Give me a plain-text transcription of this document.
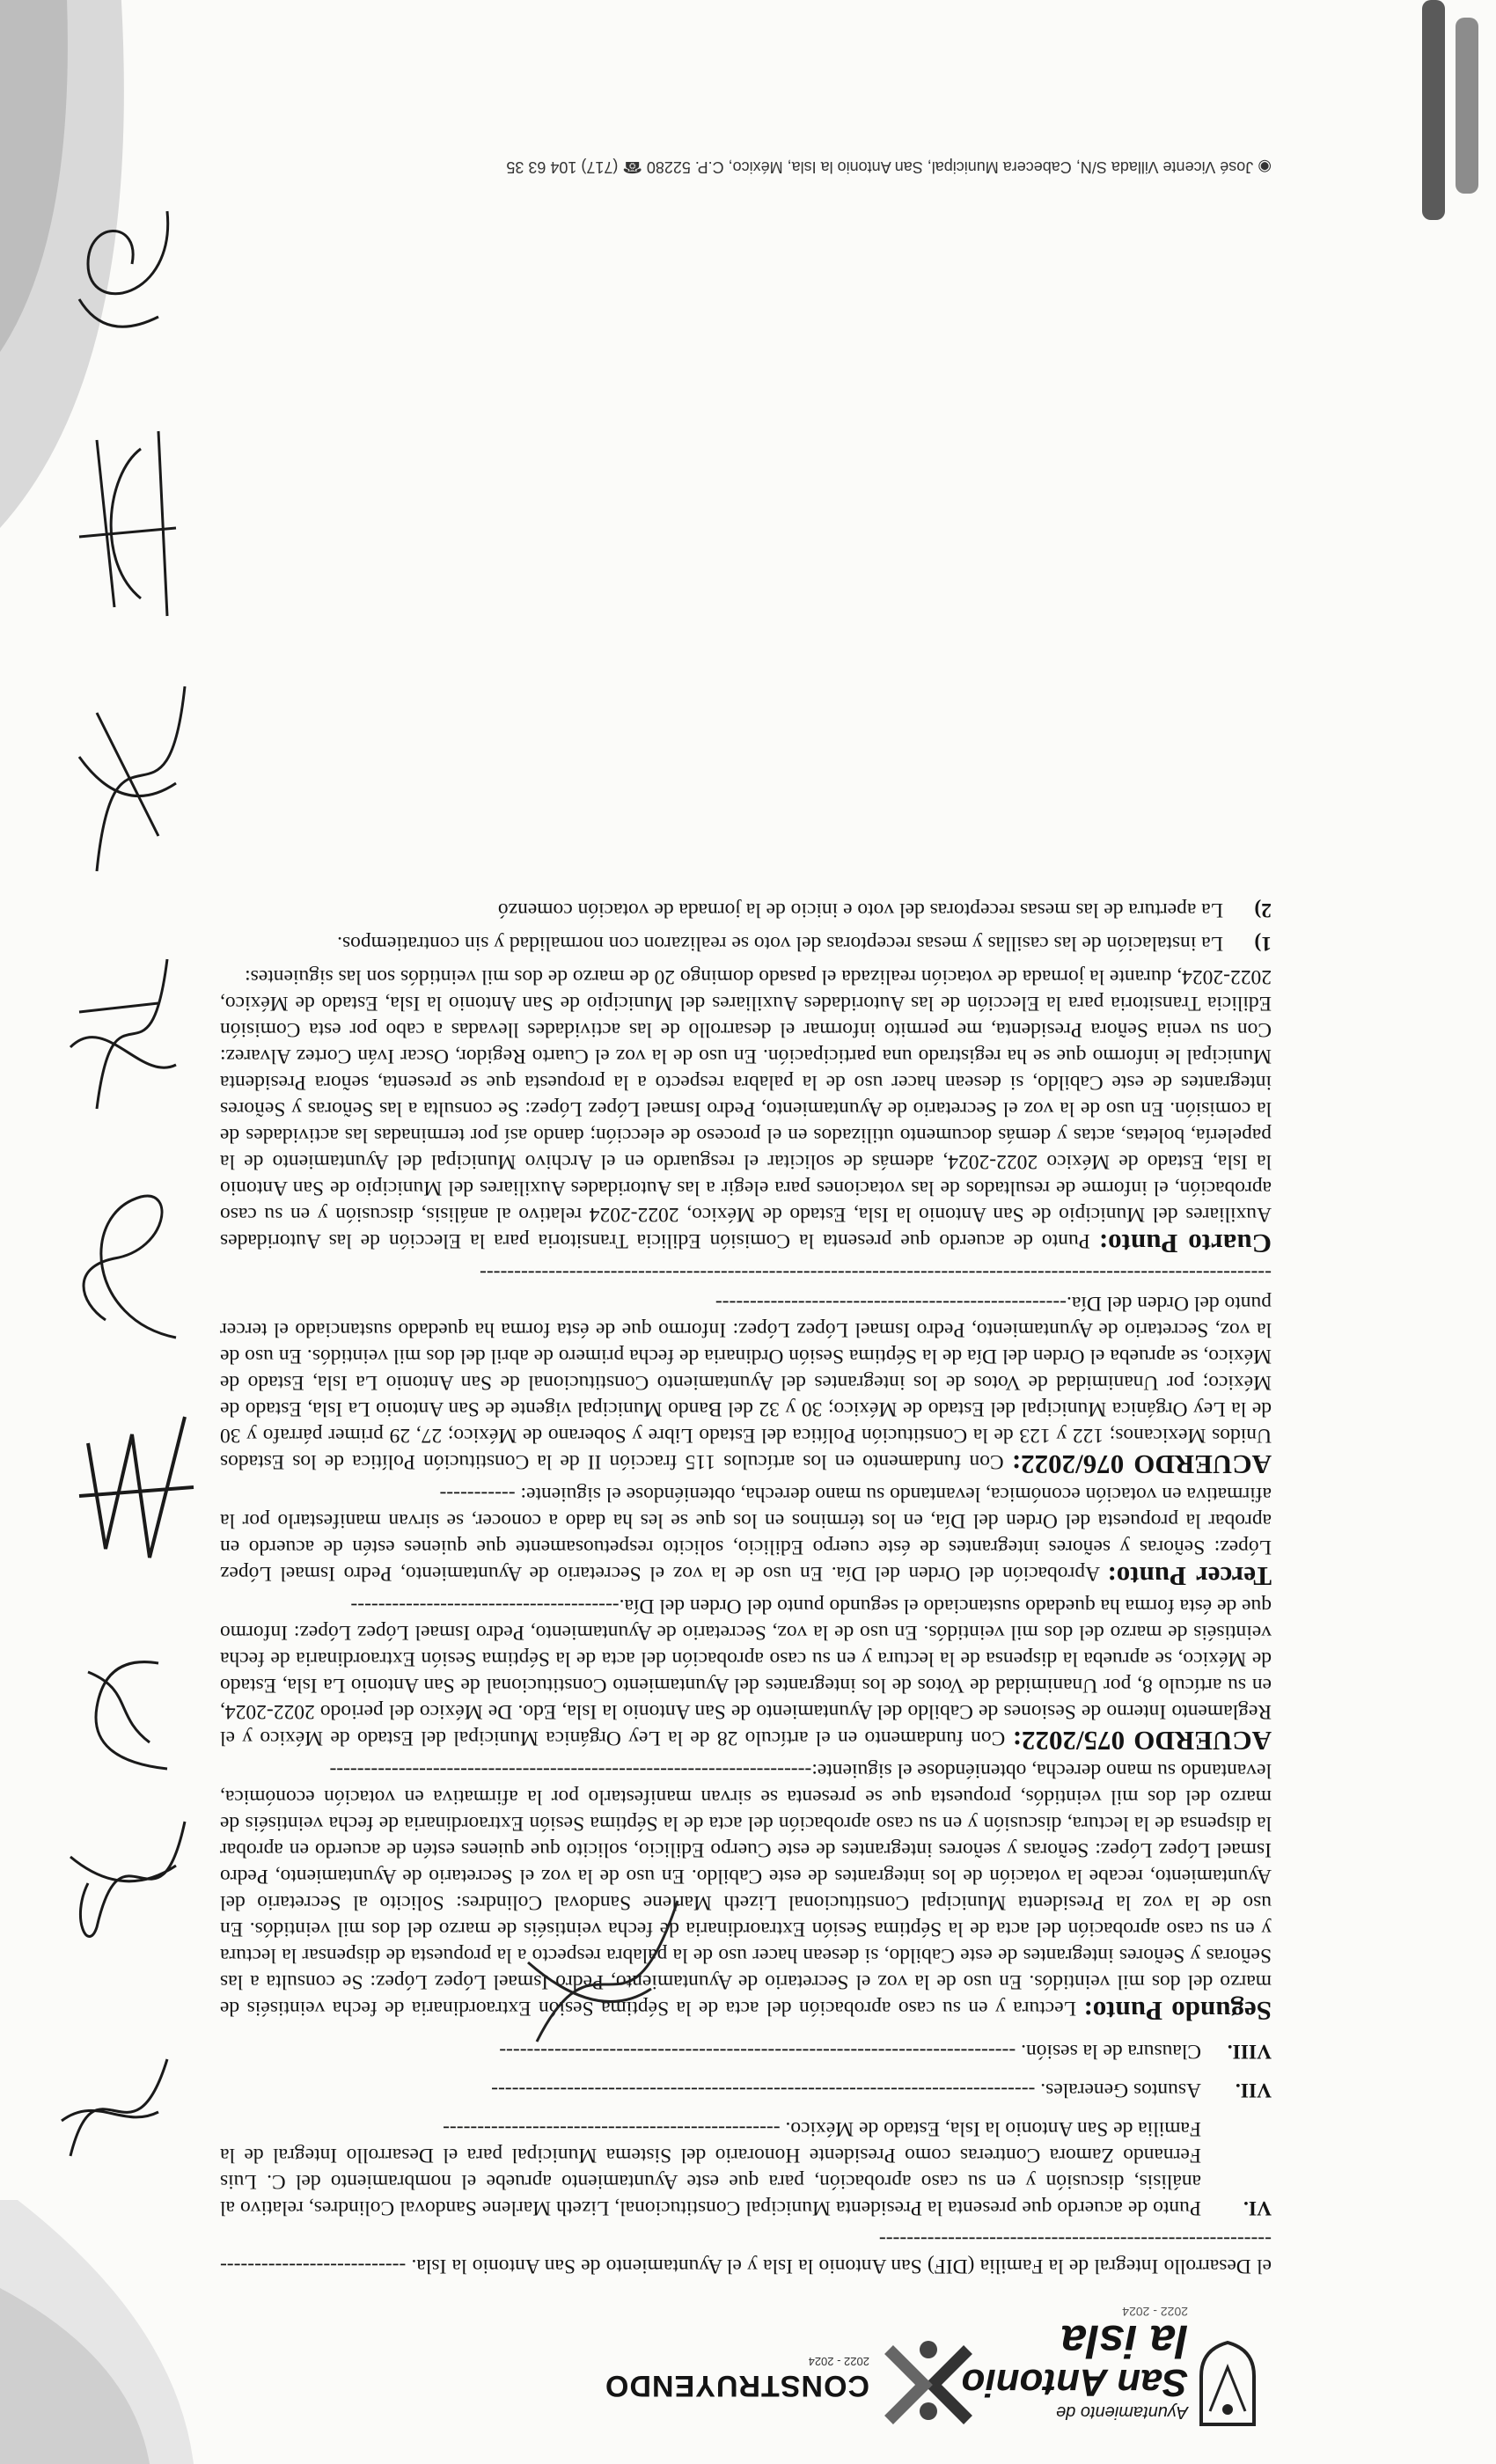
Ayuntamiento de
San Antonio
la isla
2022 - 2024
CONSTRUYENDO
2022 - 2024

el Desarrollo Integral de la Familia (DIF) San Antonio la Isla y el Ayuntamiento de San Antonio la Isla. ------------------------------------------------------------------------------------

VI.
Punto de acuerdo que presenta la Presidenta Municipal Constitucional, Lizeth Marlene Sandoval Colindres, relativo al análisis, discusión y en su caso aprobación, para que este Ayuntamiento apruebe el nombramiento del C. Luis Fernando Zamora Contreras como Presidente Honorario del Sistema Municipal para el Desarrollo Integral de la Familia de San Antonio la Isla, Estado de México. -------------------------------------------------
VII.
Asuntos Generales. -------------------------------------------------------------------------------
VIII.
Clausura de la sesión. ---------------------------------------------------------------------------

Segundo Punto: Lectura y en su caso aprobación del acta de la Séptima Sesión Extraordinaria de fecha veintiséis de marzo del dos mil veintidós. En uso de la voz el Secretario de Ayuntamiento, Pedro Ismael López López: Se consulta a las Señoras y Señores integrantes de este Cabildo, si desean hacer uso de la palabra respecto a la propuesta de dispensar la lectura y en su caso aprobación del acta de la Séptima Sesión Extraordinaria de fecha veintiséis de marzo del dos mil veintidós. En uso de la voz la Presidenta Municipal Constitucional Lizeth Marlene Sandoval Colindres: Solicito al Secretario del Ayuntamiento, recabe la votación de los integrantes de este Cabildo. En uso de la voz el Secretario de Ayuntamiento, Pedro Ismael López López: Señoras y señores integrantes de este Cuerpo Edilicio, solicito que quienes estén de acuerdo en aprobar la dispensa de la lectura, discusión y en su caso aprobación del acta de la Séptima Sesión Extraordinaria de fecha veintiséis de marzo del dos mil veintidós, propuesta que se presenta se sirvan manifestarlo por la afirmativa en votación económica, levantando su mano derecha, obteniéndose el siguiente:----------------------------------------------------------------------

ACUERDO 075/2022: Con fundamento en el artículo 28 de la Ley Orgánica Municipal del Estado de México y el Reglamento Interno de Sesiones de Cabildo del Ayuntamiento de San Antonio la Isla, Edo. De México del periodo 2022-2024, en su artículo 8, por Unanimidad de Votos de los integrantes del Ayuntamiento Constitucional de San Antonio La Isla, Estado de México, se aprueba la dispensa de la lectura y en su caso aprobación del acta de la Séptima Sesión Extraordinaria de fecha veintiséis de marzo del dos mil veintidós. En uso de la voz, Secretario de Ayuntamiento, Pedro Ismael López López: Informo que de ésta forma ha quedado sustanciado el segundo punto del Orden del Día.---------------------------------------

Tercer Punto: Aprobación del Orden del Día. En uso de la voz el Secretario de Ayuntamiento, Pedro Ismael López López: Señoras y señores integrantes de éste cuerpo Edilicio, solicito respetuosamente que quienes estén de acuerdo en aprobar la propuesta del Orden del Día, en los términos en los que se les ha dado a conocer, se sirvan manifestarlo por la afirmativa en votación económica, levantando su mano derecha, obteniéndose el siguiente: -----------

ACUERDO 076/2022: Con fundamento en los artículos 115 fracción II de la Constitución Política de los Estados Unidos Mexicanos; 122 y 123 de la Constitución Política del Estado Libre y Soberano de México; 27, 29 primer párrafo y 30 de la Ley Orgánica Municipal del Estado de México; 30 y 32 del Bando Municipal vigente de San Antonio La Isla, Estado de México; por Unanimidad de Votos de los integrantes del Ayuntamiento Constitucional de San Antonio La Isla, Estado de México, se aprueba el Orden del Día de la Séptima Sesión Ordinaria de fecha primero de abril del dos mil veintidós. En uso de la voz, Secretario de Ayuntamiento, Pedro Ismael López López: Informo que de ésta forma ha quedado sustanciado el tercer punto del Orden del Día.---------------------------------------------------

-------------------------------------------------------------------------------------------------------------------

Cuarto Punto: Punto de acuerdo que presenta la Comisión Edilicia Transitoria para la Elección de las Autoridades Auxiliares del Municipio de San Antonio la Isla, Estado de México, 2022-2024 relativo al análisis, discusión y en su caso aprobación, el informe de resultados de las votaciones para elegir a las Autoridades Auxiliares del Municipio de San Antonio la Isla, Estado de México 2022-2024, además de solicitar el resguardo en el Archivo Municipal del Ayuntamiento de la papelería, boletas, actas y demás documento utilizados en el proceso de elección; dando así por terminadas las actividades de la comisión. En uso de la voz el Secretario de Ayuntamiento, Pedro Ismael López López: Se consulta a las Señoras y Señores integrantes de este Cabildo, si desean hacer uso de la palabra respecto a la propuesta que se presenta, señora Presidenta Municipal le informo que se ha registrado una participación. En uso de la voz el Cuarto Regidor, Oscar Iván Cortez Alvarez: Con su venia Señora Presidenta, me permito informar el desarrollo de las actividades llevadas a cabo por esta Comisión Edilicia Transitoria para la Elección de las Autoridades Auxiliares del Municipio de San Antonio la Isla, Estado de México, 2022-2024, durante la jornada de votación realizada el pasado domingo 20 de marzo de dos mil veintidós son las siguientes:

1)
La instalación de las casillas y mesas receptoras del voto se realizaron con normalidad y sin contratiempos.
2)
La apertura de las mesas receptoras del voto e inicio de la jornada de votación comenzó
◉ José Vicente Villada S/N, Cabecera Municipal, San Antonio la Isla, México, C.P. 52280 ☎ (717) 104 63 35
